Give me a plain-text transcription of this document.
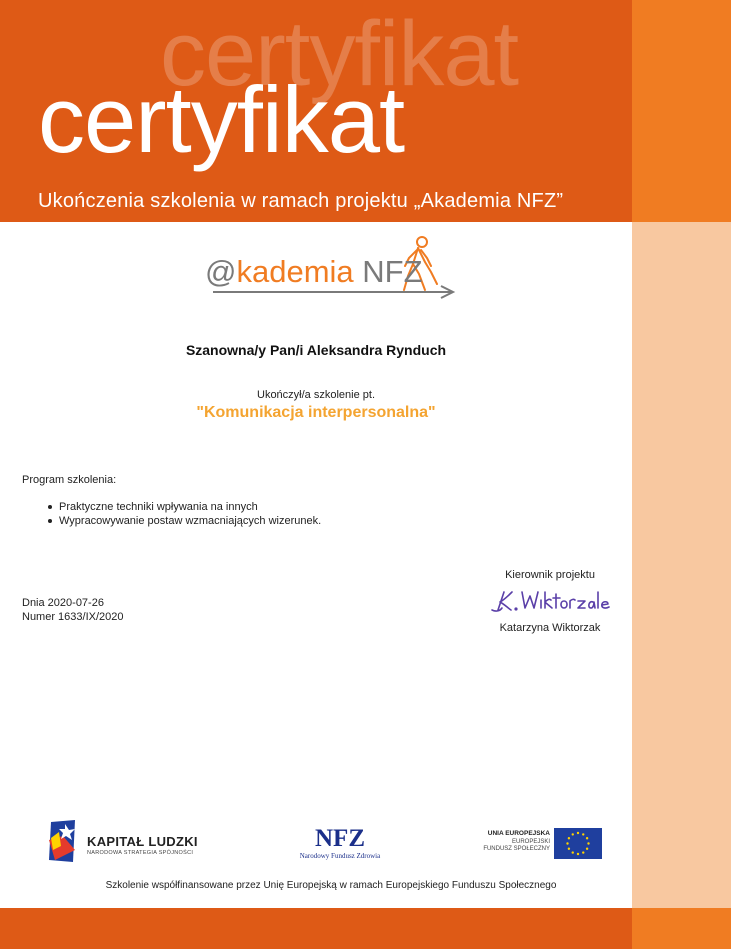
certyfikat
certyfikat
Ukończenia szkolenia w ramach projektu „Akademia NFZ”
@kademia NFZ
Szanowna/y Pan/i Aleksandra Rynduch
Ukończył/a szkolenie pt.
"Komunikacja interpersonalna"
Program szkolenia:
Praktyczne techniki wpływania na innych
Wypracowywanie postaw wzmacniających wizerunek.
Dnia 2020-07-26
Numer 1633/IX/2020
Kierownik projektu
Katarzyna Wiktorzak
KAPITAŁ LUDZKI
NARODOWA STRATEGIA SPÓJNOŚCI
NFZ
Narodowy Fundusz Zdrowia
UNIA EUROPEJSKA
EUROPEJSKI
FUNDUSZ SPOŁECZNY
Szkolenie współfinansowane przez Unię Europejską w ramach Europejskiego Funduszu Społecznego
